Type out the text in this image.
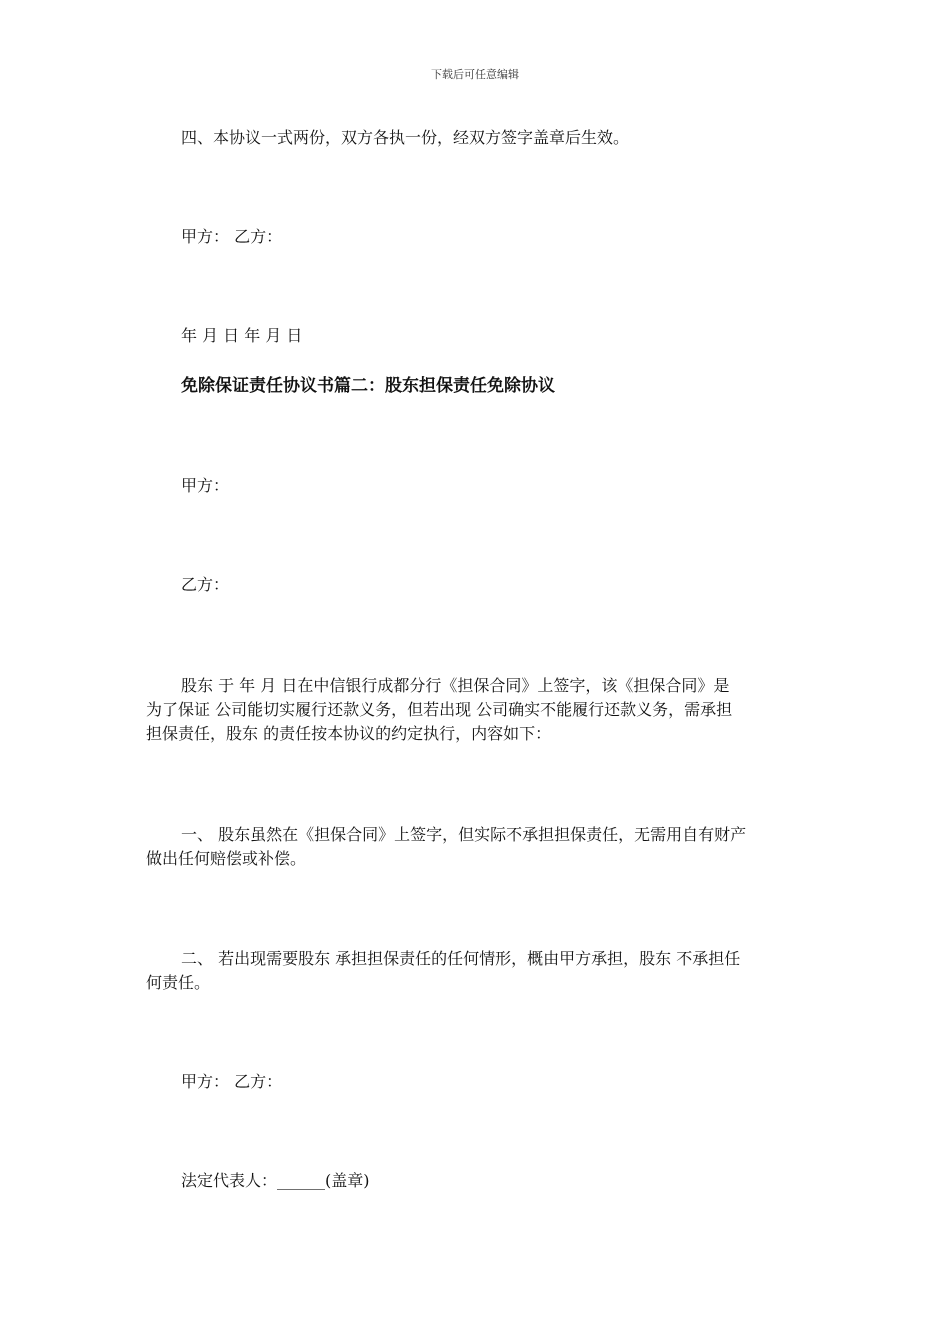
下载后可任意编辑
四、本协议一式两份，双方各执一份，经双方签字盖章后生效。
甲方： 乙方：
年 月 日 年 月 日
免除保证责任协议书篇二：股东担保责任免除协议
甲方：
乙方：
股东 于 年 月 日在中信银行成都分行《担保合同》上签字，该《担保合同》是
为了保证 公司能切实履行还款义务，但若出现 公司确实不能履行还款义务，需承担
担保责任，股东 的责任按本协议的约定执行，内容如下：
一、 股东虽然在《担保合同》上签字，但实际不承担担保责任，无需用自有财产
做出任何赔偿或补偿。
二、 若出现需要股东 承担担保责任的任何情形，概由甲方承担，股东 不承担任
何责任。
甲方： 乙方：
法定代表人：______(盖章)
